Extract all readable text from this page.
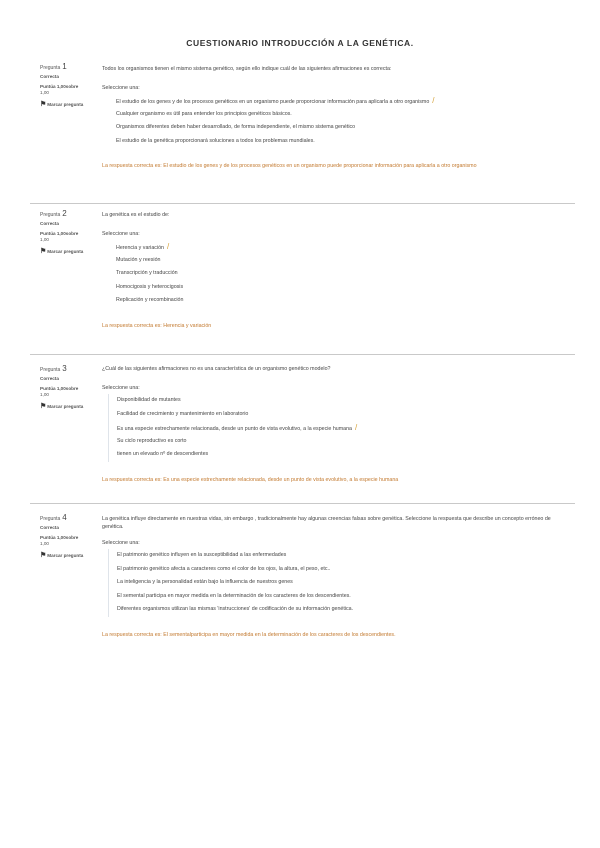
CUESTIONARIO INTRODUCCIÓN A LA GENÉTICA.
Pregunta 1
Correcta
Puntúa 1,00sobre
1,00
⚑Marcar pregunta
Todos los organismos tienen el mismo sistema genético, según ello indique cuál de las siguientes afirmaciones es correcta:
Seleccione una:
El estudio de los genes y de los procesos genéticos en un organismo puede proporcionar información para aplicarla a otro organismo /
Cualquier organismo es útil para entender los principios genéticos básicos.
Organismos diferentes deben haber desarrollado, de forma independiente, el mismo sistema genético
El estudio de la genética proporcionará soluciones a todos los problemas mundiales.
La respuesta correcta es: El estudio de los genes y de los procesos genéticos en un organismo puede proporcionar información para aplicarla a otro organismo
Pregunta 2
Correcta
Puntúa 1,00sobre
1,00
⚑Marcar pregunta
La genética es el estudio de:
Seleccione una:
Herencia y variación /
Mutación y reesión
Transcripción y traducción
Homocigosis y heterocigosis
Replicación y recombinación
La respuesta correcta es: Herencia y variación
Pregunta 3
Correcta
Puntúa 1,00sobre
1,00
⚑Marcar pregunta
¿Cuál de las siguientes afirmaciones no es una característica de un organismo genético modelo?
Seleccione una:
Disponibilidad de mutantes
Facilidad de crecimiento y mantenimiento en laboratorio
Es una especie estrechamente relacionada, desde un punto de vista evolutivo, a la especie humana /
Su ciclo reproductivo es corto
tienen un elevado nº de descendientes
La respuesta correcta es: Es una especie estrechamente relacionada, desde un punto de vista evolutivo, a la especie humana
Pregunta 4
Correcta
Puntúa 1,00sobre
1,00
⚑Marcar pregunta
La genética influye directamente en nuestras vidas, sin embargo , tradicionalmente hay algunas creencias falsas sobre genética. Seleccione la respuesta que describe un concepto erróneo de genética.
Seleccione una:
El patrimonio genético influyen en la susceptibilidad a las enfermedades
El patrimonio genético afecta a caracteres como el color de los ojos, la altura, el peso, etc..
La inteligencia y la personalidad están bajo la influencia de nuestros genes
El semental participa en mayor medida en la determinación de los caracteres de los descendientes.
Diferentes organismos utilizan las mismas 'instrucciones' de codificación de su información genética.
La respuesta correcta es: El sementalparticipa en mayor medida en la determinación de los caracteres de los descendientes.
